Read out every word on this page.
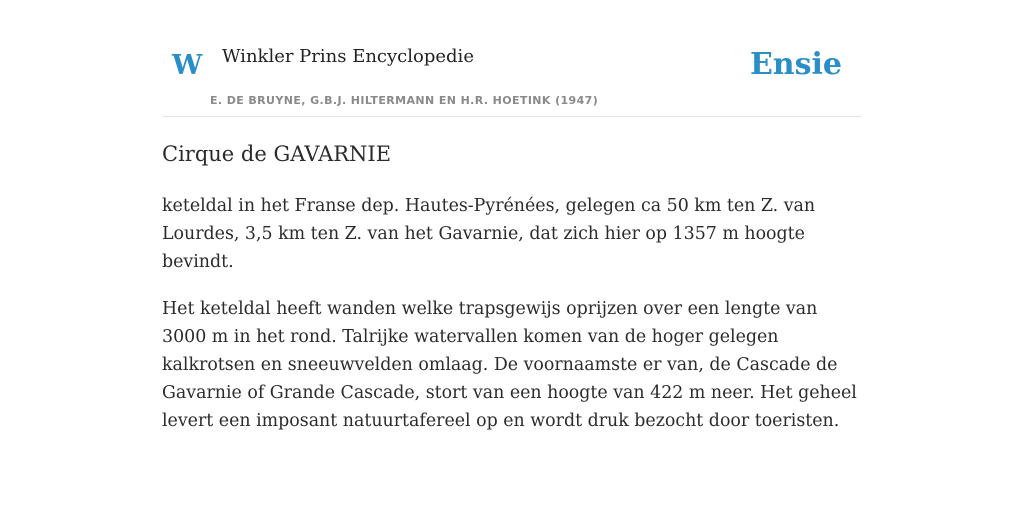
W Winkler Prins Encyclopedie
E. DE BRUYNE, G.B.J. HILTERMANN EN H.R. HOETINK (1947)
Ensie
Cirque de GAVARNIE

keteldal in het Franse dep. Hautes-Pyrénées, gelegen ca 50 km ten Z. van Lourdes, 3,5 km ten Z. van het Gavarnie, dat zich hier op 1357 m hoogte bevindt.

Het keteldal heeft wanden welke trapsgewijs oprijzen over een lengte van 3000 m in het rond. Talrijke watervallen komen van de hoger gelegen kalkrotsen en sneeuwvelden omlaag. De voornaamste er van, de Cascade de Gavarnie of Grande Cascade, stort van een hoogte van 422 m neer. Het geheel levert een imposant natuurtafereel op en wordt druk bezocht door toeristen.
